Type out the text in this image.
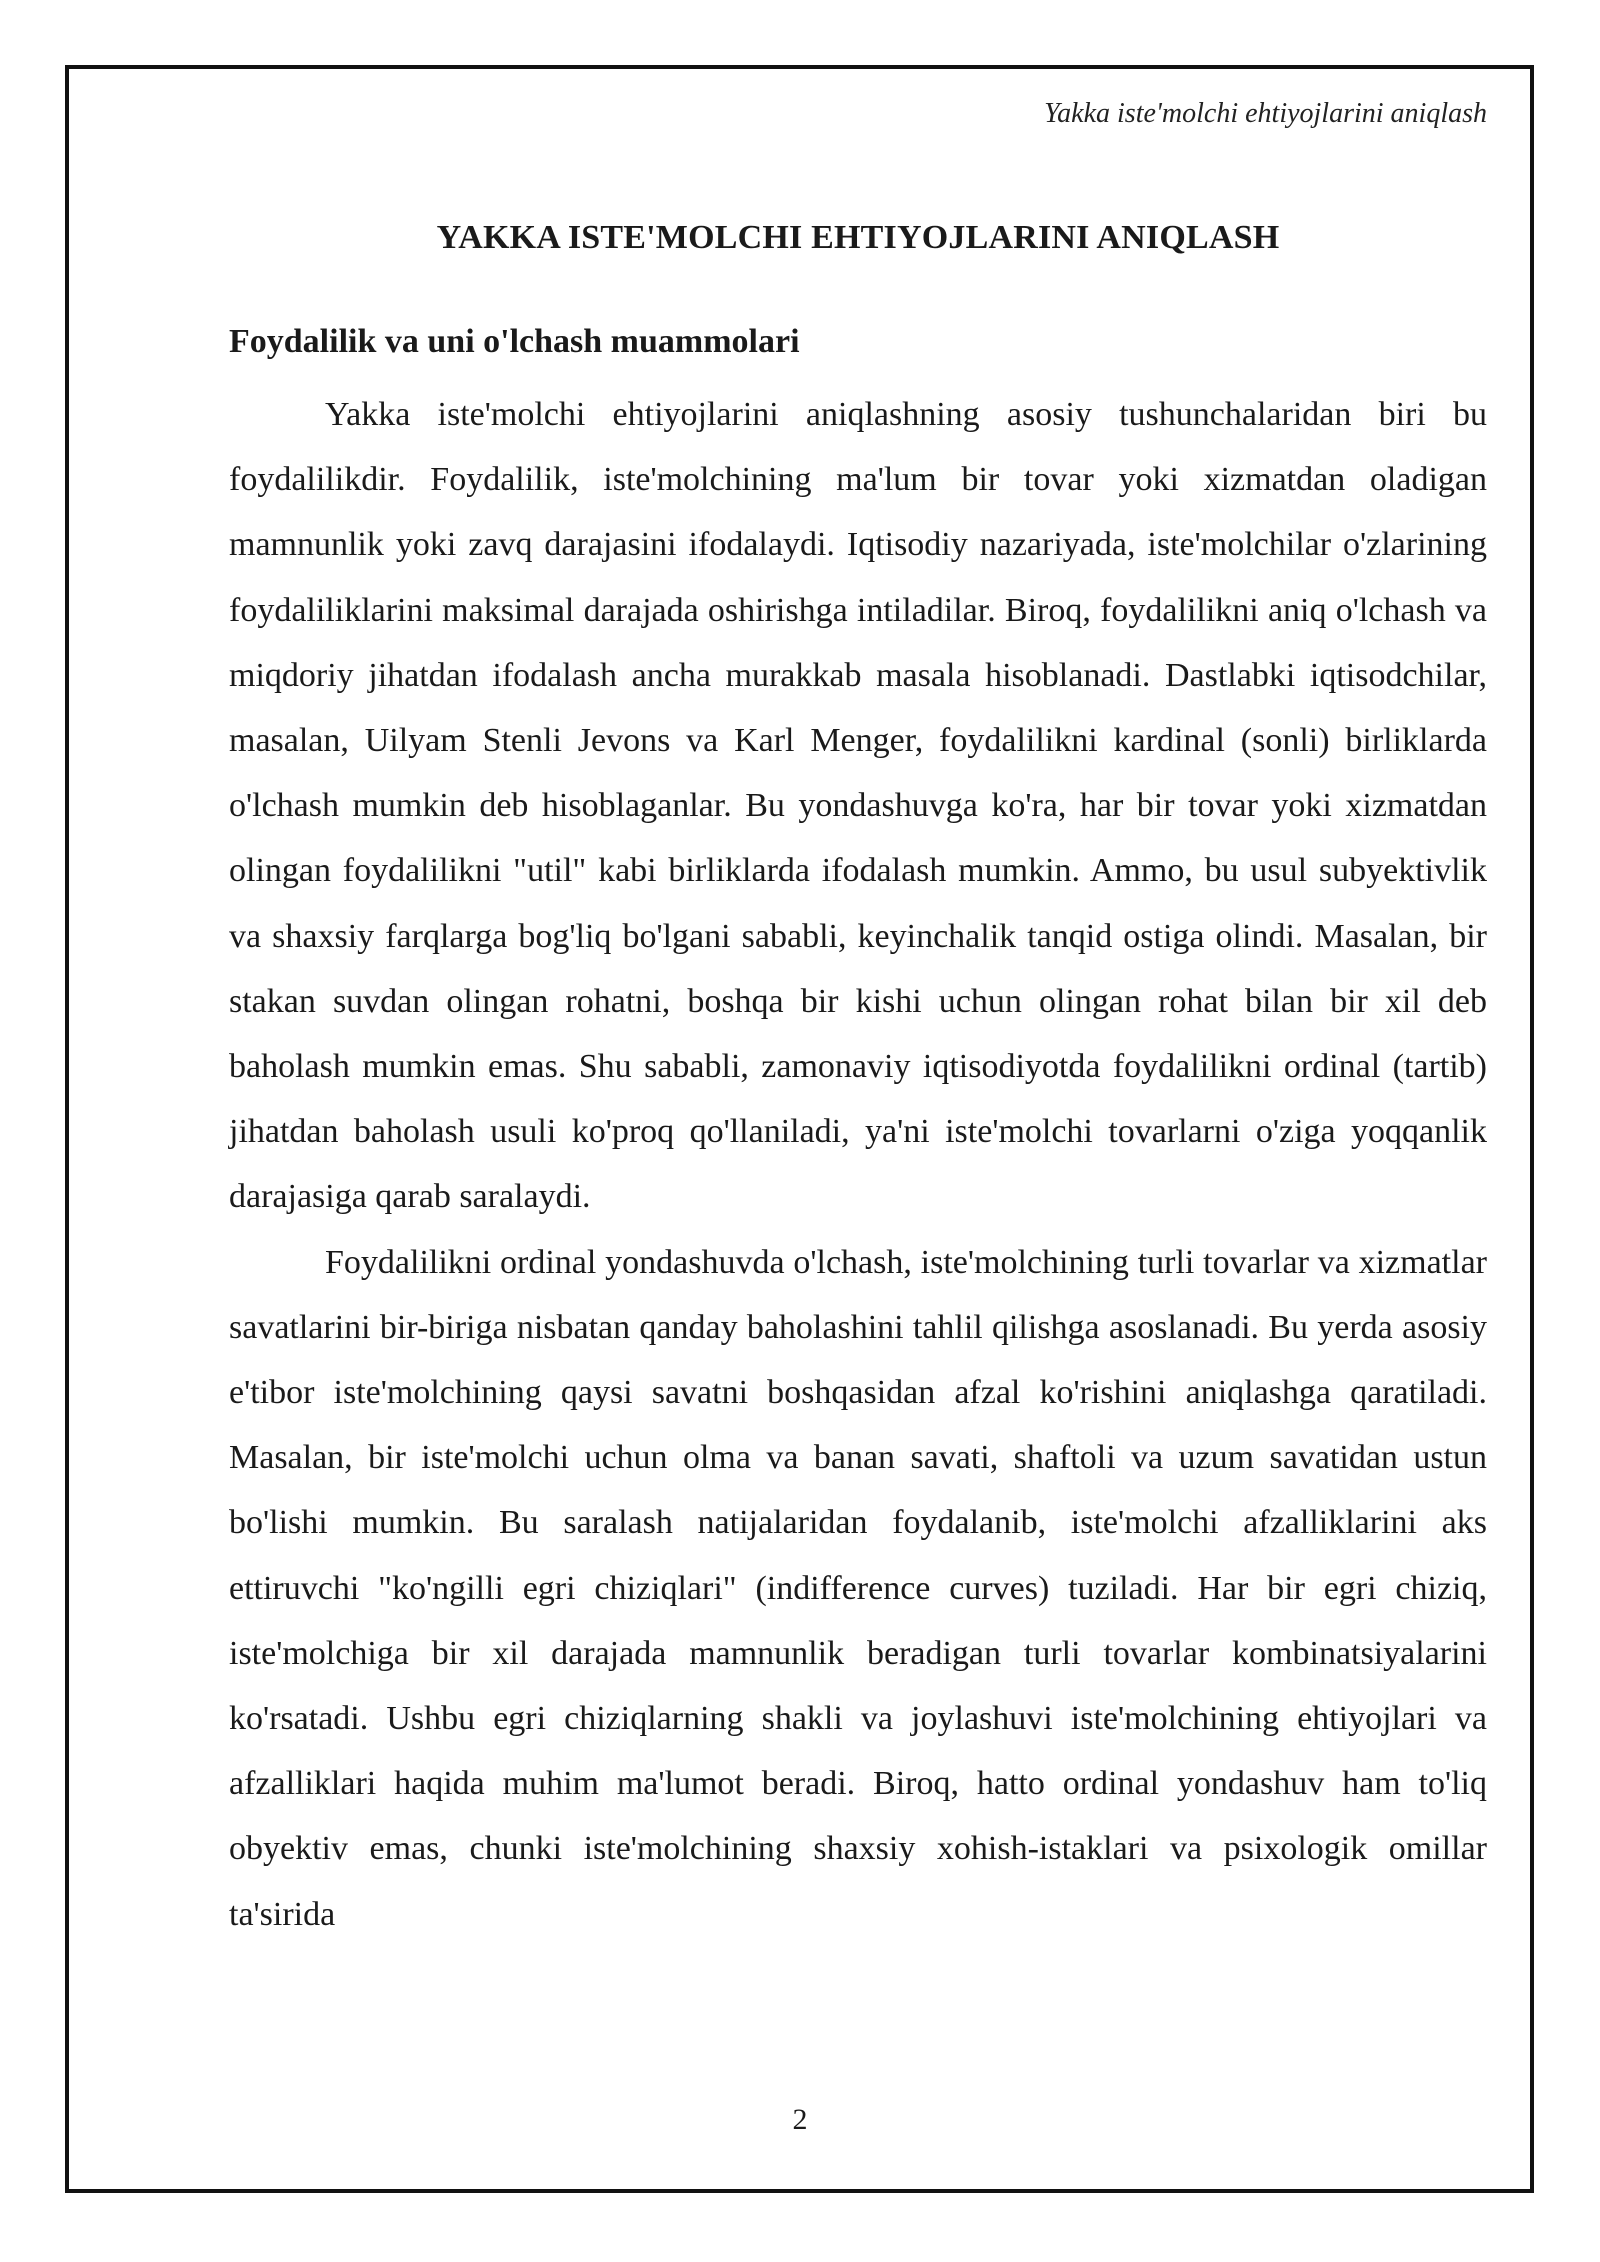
Yakka iste'molchi ehtiyojlarini aniqlash
YAKKA ISTE'MOLCHI EHTIYOJLARINI ANIQLASH
Foydalilik va uni o'lchash muammolari

Yakka iste'molchi ehtiyojlarini aniqlashning asosiy tushunchalaridan biri bu foydalilikdir. Foydalilik, iste'molchining ma'lum bir tovar yoki xizmatdan oladigan mamnunlik yoki zavq darajasini ifodalaydi. Iqtisodiy nazariyada, iste'molchilar o'zlarining foydaliliklarini maksimal darajada oshirishga intiladilar. Biroq, foydalilikni aniq o'lchash va miqdoriy jihatdan ifodalash ancha murakkab masala hisoblanadi. Dastlabki iqtisodchilar, masalan, Uilyam Stenli Jevons va Karl Menger, foydalilikni kardinal (sonli) birliklarda o'lchash mumkin deb hisoblaganlar. Bu yondashuvga ko'ra, har bir tovar yoki xizmatdan olingan foydalilikni "util" kabi birliklarda ifodalash mumkin. Ammo, bu usul subyektivlik va shaxsiy farqlarga bog'liq bo'lgani sababli, keyinchalik tanqid ostiga olindi. Masalan, bir stakan suvdan olingan rohatni, boshqa bir kishi uchun olingan rohat bilan bir xil deb baholash mumkin emas. Shu sababli, zamonaviy iqtisodiyotda foydalilikni ordinal (tartib) jihatdan baholash usuli ko'proq qo'llaniladi, ya'ni iste'molchi tovarlarni o'ziga yoqqanlik darajasiga qarab saralaydi.

Foydalilikni ordinal yondashuvda o'lchash, iste'molchining turli tovarlar va xizmatlar savatlarini bir-biriga nisbatan qanday baholashini tahlil qilishga asoslanadi. Bu yerda asosiy e'tibor iste'molchining qaysi savatni boshqasidan afzal ko'rishini aniqlashga qaratiladi. Masalan, bir iste'molchi uchun olma va banan savati, shaftoli va uzum savatidan ustun bo'lishi mumkin. Bu saralash natijalaridan foydalanib, iste'molchi afzalliklarini aks ettiruvchi "ko'ngilli egri chiziqlari" (indifference curves) tuziladi. Har bir egri chiziq, iste'molchiga bir xil darajada mamnunlik beradigan turli tovarlar kombinatsiyalarini ko'rsatadi. Ushbu egri chiziqlarning shakli va joylashuvi iste'molchining ehtiyojlari va afzalliklari haqida muhim ma'lumot beradi. Biroq, hatto ordinal yondashuv ham to'liq obyektiv emas, chunki iste'molchining shaxsiy xohish-istaklari va psixologik omillar ta'sirida

2
